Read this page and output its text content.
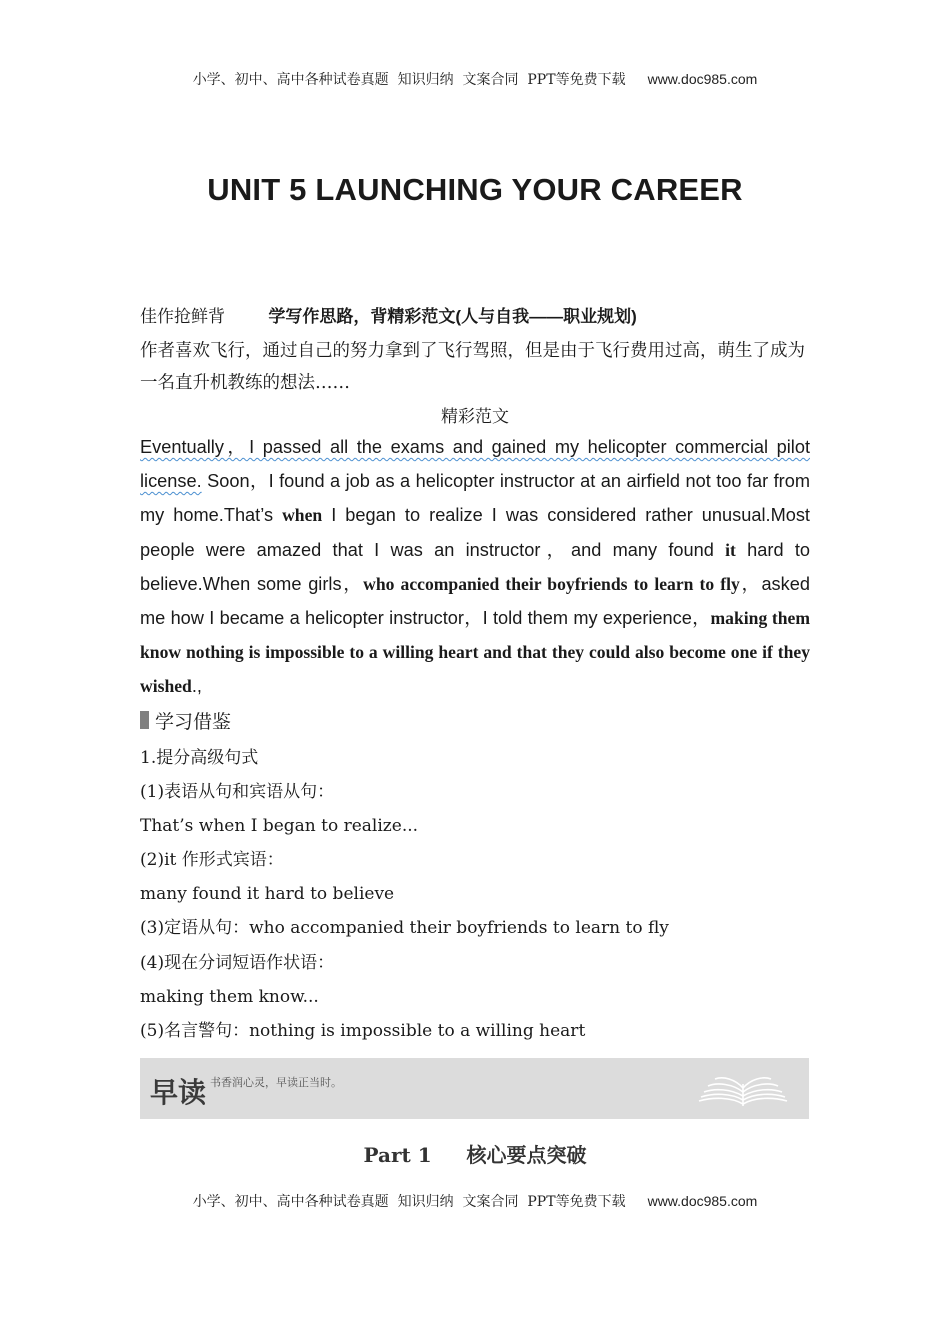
小学、初中、高中各种试卷真题  知识归纳  文案合同  PPT等免费下载 www.doc985.com
UNIT 5 LAUNCHING YOUR CAREER
佳作抢鲜背	学写作思路，背精彩范文(人与自我——职业规划)
作者喜欢飞行，通过自己的努力拿到了飞行驾照，但是由于飞行费用过高，萌生了成为一名直升机教练的想法……
精彩范文
Eventually，I passed all the exams and gained my helicopter commercial pilot license. Soon，I found a job as a helicopter instructor at an airfield not too far from my home.That’s when I began to realize I was considered rather unusual.Most people were amazed that I was an instructor，and many found it hard to believe.When some girls，who accompanied their boyfriends to learn to fly，asked me how I became a helicopter instructor，I told them my experience，making them know nothing is impossible to a willing heart and that they could also become one if they wished.,
学习借鉴
1.提分高级句式
(1)表语从句和宾语从句：
That’s when I began to realize...
(2)it 作形式宾语：
many found it hard to believe
(3)定语从句：who accompanied their boyfriends to learn to fly
(4)现在分词短语作状语：
making them know...
(5)名言警句：nothing is impossible to a willing heart
早读 书香润心灵，早读正当时。
Part 1     核心要点突破
小学、初中、高中各种试卷真题  知识归纳  文案合同  PPT等免费下载 www.doc985.com
